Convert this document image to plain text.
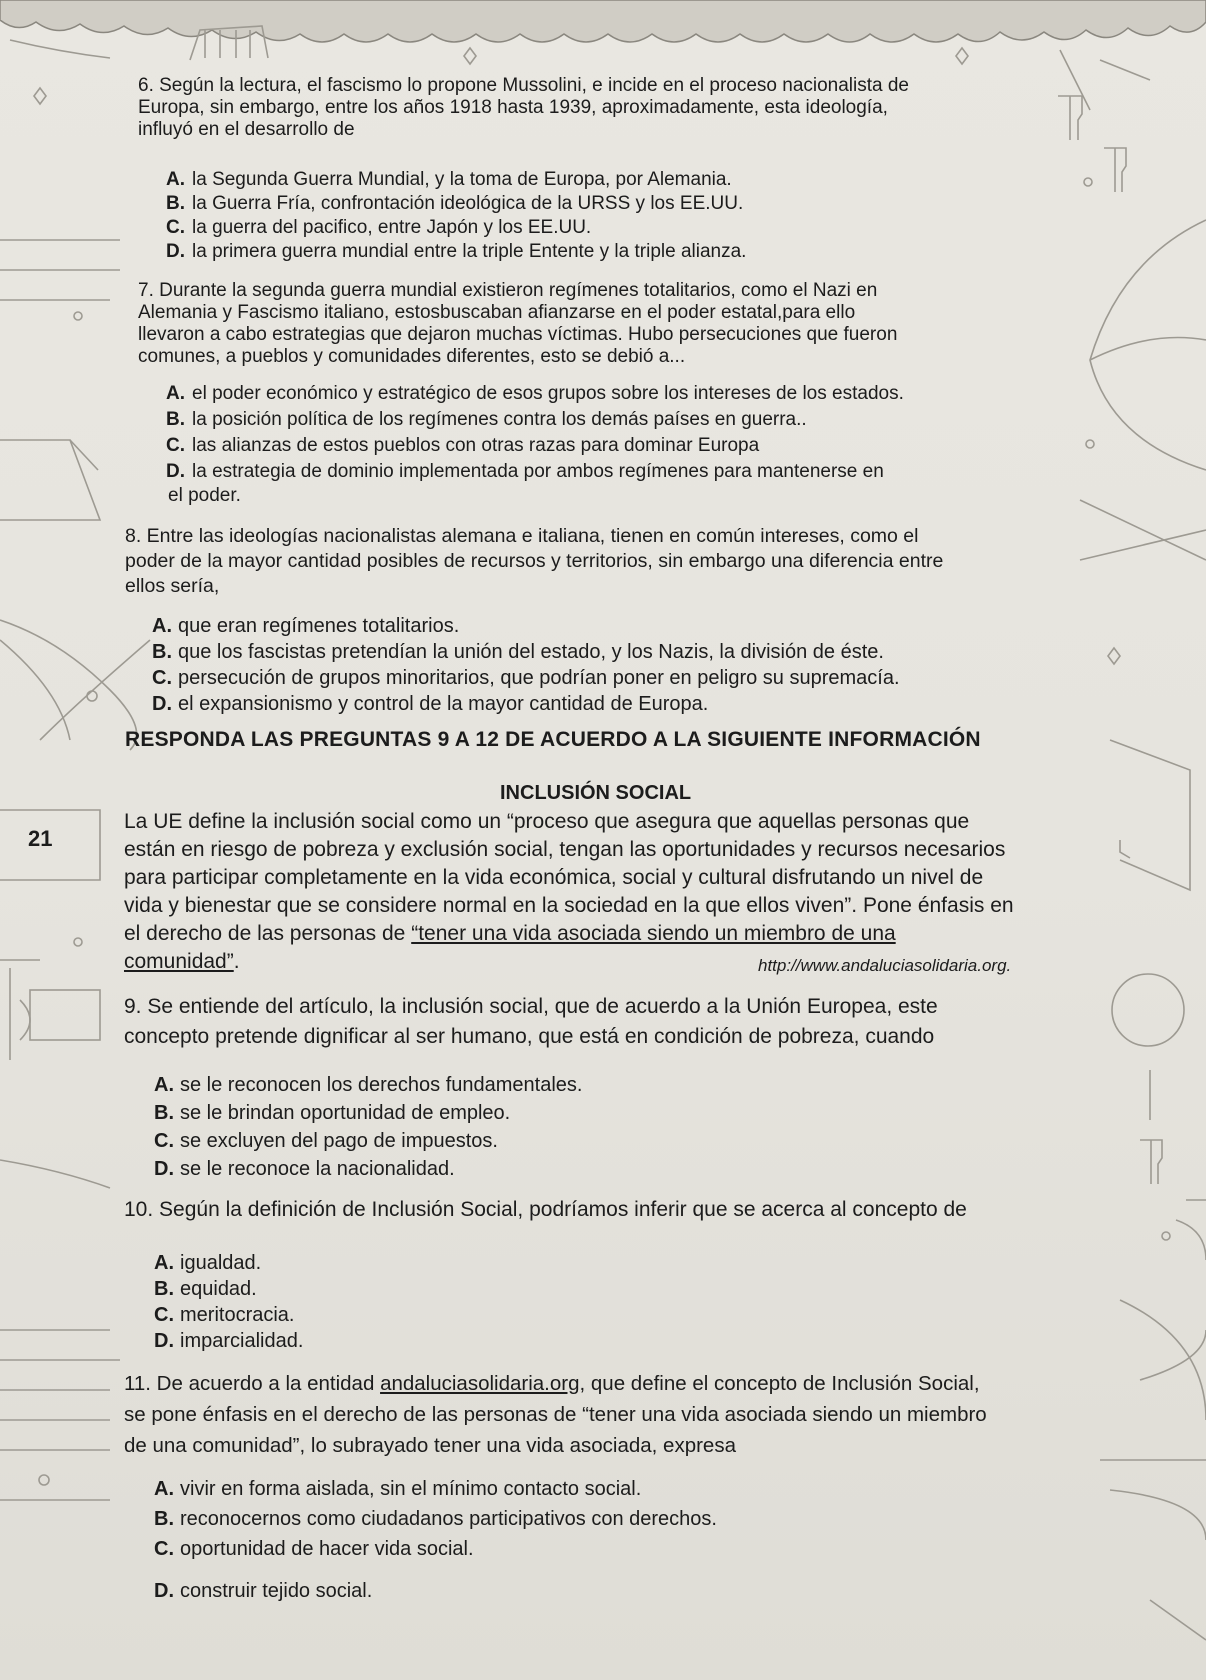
6. Según la lectura, el fascismo lo propone Mussolini, e incide en el proceso nacionalista de
Europa, sin embargo, entre los años 1918 hasta 1939, aproximadamente, esta ideología,
influyó en el desarrollo de
A. la Segunda Guerra Mundial, y la toma de Europa, por Alemania.
B. la Guerra Fría, confrontación ideológica de la URSS y los EE.UU.
C. la guerra del pacifico, entre Japón y los EE.UU.
D. la primera guerra mundial entre la triple Entente y la triple alianza.
7. Durante la segunda guerra mundial existieron regímenes totalitarios, como el Nazi en
Alemania y Fascismo italiano, estosbuscaban afianzarse en el poder estatal,para ello
llevaron a cabo estrategias que dejaron muchas víctimas. Hubo persecuciones que fueron
comunes, a pueblos y comunidades diferentes, esto se debió a...
A. el poder económico y estratégico de esos grupos sobre los intereses de los estados.
B. la posición política de los regímenes contra los demás países en guerra..
C. las alianzas de estos pueblos con otras razas para dominar Europa
D. la estrategia de dominio implementada por ambos regímenes para mantenerse en
el poder.
8. Entre las ideologías nacionalistas alemana e italiana, tienen en común intereses, como el
poder de la mayor cantidad posibles de recursos y territorios, sin embargo una diferencia entre
ellos sería,
A. que eran regímenes totalitarios.
B. que los fascistas pretendían la unión del estado, y los Nazis, la división de éste.
C. persecución de grupos minoritarios, que podrían poner en peligro su supremacía.
D. el expansionismo y control de la mayor cantidad de Europa.
RESPONDA LAS PREGUNTAS 9 A 12 DE ACUERDO A LA SIGUIENTE INFORMACIÓN
INCLUSIÓN SOCIAL
La UE define la inclusión social como un “proceso que asegura que aquellas personas que
están en riesgo de pobreza y exclusión social, tengan las oportunidades y recursos necesarios
para participar completamente en la vida económica, social y cultural disfrutando un nivel de
vida y bienestar que se considere normal en la sociedad en la que ellos viven”. Pone énfasis en
el derecho de las personas de “tener una vida asociada siendo un miembro de una
comunidad”.	http://www.andaluciasolidaria.org.
21
9. Se entiende del artículo, la inclusión social, que de acuerdo a la Unión Europea, este
concepto pretende dignificar al ser humano, que está en condición de pobreza, cuando
A. se le reconocen los derechos fundamentales.
B. se le brindan oportunidad de empleo.
C. se excluyen del pago de impuestos.
D. se le reconoce la nacionalidad.
10. Según la definición de Inclusión Social, podríamos inferir que se acerca al concepto de
A. igualdad.
B. equidad.
C. meritocracia.
D. imparcialidad.
11. De acuerdo a la entidad andaluciasolidaria.org, que define el concepto de Inclusión Social,
se pone énfasis en el derecho de las personas de “tener una vida asociada siendo un miembro
de una comunidad”, lo subrayado tener una vida asociada, expresa
A. vivir en forma aislada, sin el mínimo contacto social.
B. reconocernos como ciudadanos participativos con derechos.
C. oportunidad de hacer vida social.
D. construir tejido social.
